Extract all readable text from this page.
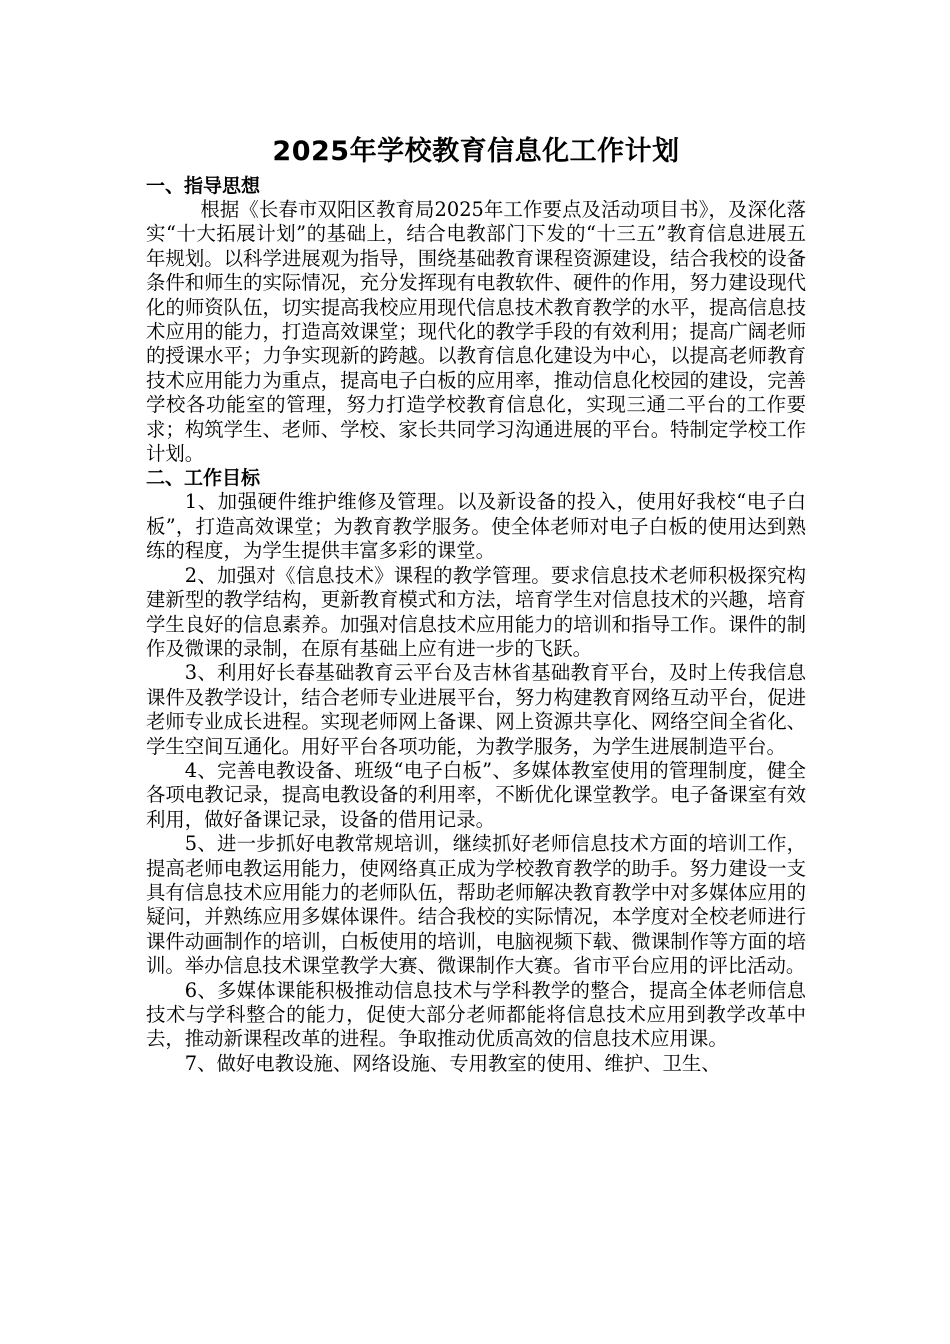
2025年学校教育信息化工作计划
一、指导思想

根据《长春市双阳区教育局2025年工作要点及活动项目书》，及深化落实“十大拓展计划”的基础上，结合电教部门下发的“十三五”教育信息进展五年规划。以科学进展观为指导，围绕基础教育课程资源建设，结合我校的设备条件和师生的实际情况，充分发挥现有电教软件、硬件的作用，努力建设现代化的师资队伍，切实提高我校应用现代信息技术教育教学的水平，提高信息技术应用的能力，打造高效课堂；现代化的教学手段的有效利用；提高广阔老师的授课水平；力争实现新的跨越。以教育信息化建设为中心，以提高老师教育技术应用能力为重点，提高电子白板的应用率，推动信息化校园的建设，完善学校各功能室的管理，努力打造学校教育信息化，实现三通二平台的工作要求；构筑学生、老师、学校、家长共同学习沟通进展的平台。特制定学校工作计划。

二、工作目标

1、加强硬件维护维修及管理。以及新设备的投入，使用好我校“电子白板”，打造高效课堂；为教育教学服务。使全体老师对电子白板的使用达到熟练的程度，为学生提供丰富多彩的课堂。

2、加强对《信息技术》课程的教学管理。要求信息技术老师积极探究构建新型的教学结构，更新教育模式和方法，培育学生对信息技术的兴趣，培育学生良好的信息素养。加强对信息技术应用能力的培训和指导工作。课件的制作及微课的录制，在原有基础上应有进一步的飞跃。

3、利用好长春基础教育云平台及吉林省基础教育平台，及时上传我信息课件及教学设计，结合老师专业进展平台，努力构建教育网络互动平台，促进老师专业成长进程。实现老师网上备课、网上资源共享化、网络空间全省化、学生空间互通化。用好平台各项功能，为教学服务，为学生进展制造平台。

4、完善电教设备、班级“电子白板”、多媒体教室使用的管理制度，健全各项电教记录，提高电教设备的利用率，不断优化课堂教学。电子备课室有效利用，做好备课记录，设备的借用记录。

5、进一步抓好电教常规培训，继续抓好老师信息技术方面的培训工作，提高老师电教运用能力，使网络真正成为学校教育教学的助手。努力建设一支具有信息技术应用能力的老师队伍，帮助老师解决教育教学中对多媒体应用的疑问，并熟练应用多媒体课件。结合我校的实际情况，本学度对全校老师进行课件动画制作的培训，白板使用的培训，电脑视频下载、微课制作等方面的培训。举办信息技术课堂教学大赛、微课制作大赛。省市平台应用的评比活动。

6、多媒体课能积极推动信息技术与学科教学的整合，提高全体老师信息技术与学科整合的能力，促使大部分老师都能将信息技术应用到教学改革中去，推动新课程改革的进程。争取推动优质高效的信息技术应用课。

7、做好电教设施、网络设施、专用教室的使用、维护、卫生、
